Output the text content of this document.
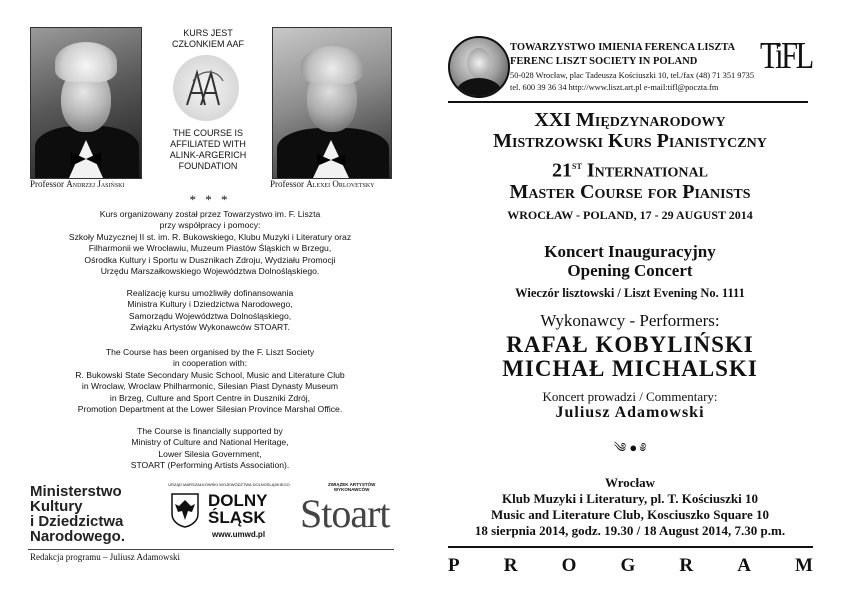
Professor Andrzej Jasiński
KURS JEST
CZŁONKIEM AAF
THE COURSE IS
AFFILIATED WITH
ALINK-ARGERICH
FOUNDATION
Professor Alexei Orlovetsky
* * *
Kurs organizowany został przez Towarzystwo im. F. Liszta
przy współpracy i pomocy:
Szkoły Muzycznej II st. im. R. Bukowskiego, Klubu Muzyki i Literatury oraz
Filharmonii we Wrocławiu, Muzeum Piastów Śląskich w Brzegu,
Ośrodka Kultury i Sportu w Dusznikach Zdroju, Wydziału Promocji
Urzędu Marszałkowskiego Województwa Dolnośląskiego.
Realizację kursu umożliwiły dofinansowania
Ministra Kultury i Dziedzictwa Narodowego,
Samorządu Województwa Dolnośląskiego,
Związku Artystów Wykonawców STOART.
The Course has been organised by the F. Liszt Society
in cooperation with:
R. Bukowski State Secondary Music School, Music and Literature Club
in Wroclaw, Wroclaw Philharmonic, Silesian Piast Dynasty Museum
in Brzeg, Culture and Sport Centre in Duszniki Zdrój,
Promotion Department at the Lower Silesian Province Marshal Office.
The Course is financially supported by
Ministry of Culture and National Heritage,
Lower Silesia Government,
STOART (Performing Artists Association).
Ministerstwo
Kultury
i Dziedzictwa
Narodowego.
URZĄD MARSZAŁKOWSKI WOJEWÓDZTWA DOLNOŚLĄSKIEGO
DOLNY
ŚLĄSK
www.umwd.pl
ZWIĄZEK ARTYSTÓW
WYKONAWCÓW
Stoart
Redakcja programu – Juliusz Adamowski
TOWARZYSTWO IMIENIA FERENCA LISZTA
FERENC LISZT SOCIETY IN POLAND
50-028 Wrocław, plac Tadeusza Kościuszki 10, tel./fax (48) 71 351 9735
tel. 600 39 36 34 http://www.liszt.art.pl e-mail:tifl@poczta.fm
TiFL
XXI Międzynarodowy
Mistrzowski Kurs Pianistyczny
21st International
Master Course for Pianists
WROCŁAW - POLAND, 17 - 29 AUGUST 2014
Koncert Inauguracyjny
Opening Concert
Wieczór lisztowski / Liszt Evening No. 1111
Wykonawcy - Performers:
RAFAŁ KOBYLIŃSKI
MICHAŁ MICHALSKI
Koncert prowadzi / Commentary:
Juliusz Adamowski
༄ ● ༅
Wrocław
Klub Muzyki i Literatury, pl. T. Kościuszki 10
Music and Literature Club, Kosciuszko Square 10
18 sierpnia 2014, godz. 19.30 / 18 August 2014, 7.30 p.m.
P R O G R A M
